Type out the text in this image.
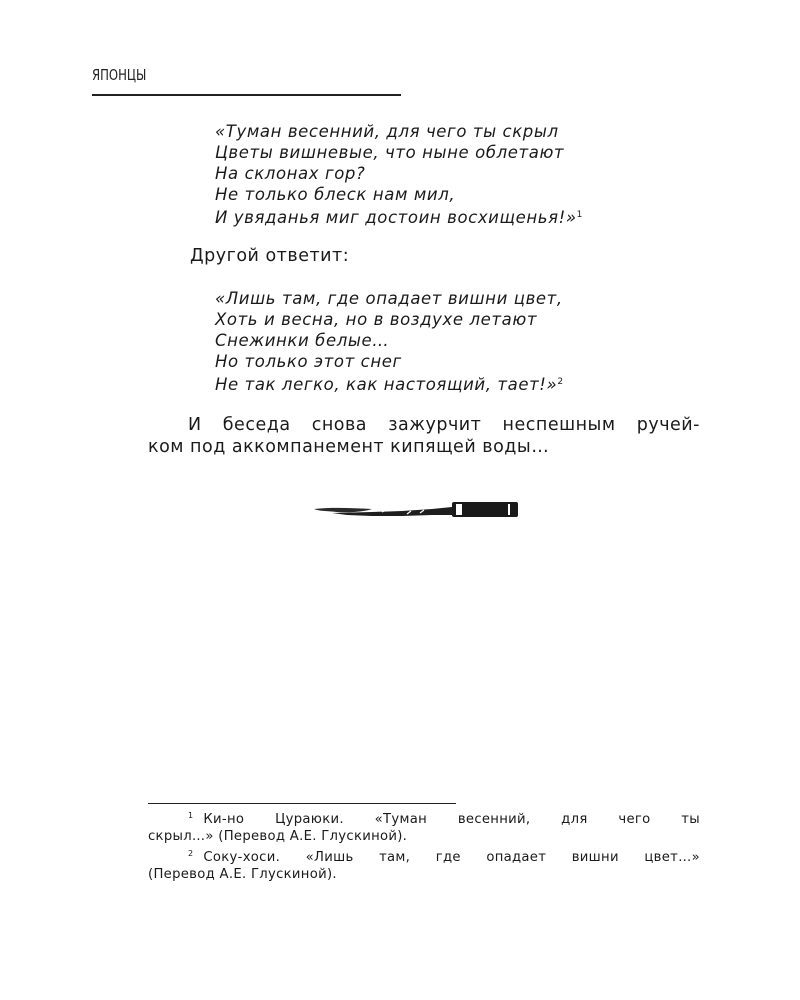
ЯПОНЦЫ
«Туман весенний, для чего ты скрыл
Цветы вишневые, что ныне облетают
На склонах гор?
Не только блеск нам мил,
И увяданья миг достоин восхищенья!»$^1$
Другой ответит:
«Лишь там, где опадает вишни цвет,
Хоть и весна, но в воздухе летают
Снежинки белые…
Но только этот снег
Не так легко, как настоящий, тает!»$^2$
И беседа снова зажурчит неспешным ручей-
ком под аккомпанемент кипящей воды…
$^1$ Ки-но Цураюки. «Туман весенний, для чего ты
скрыл…» (Перевод А.Е. Глускиной).
$^2$ Соку-хоси. «Лишь там, где опадает вишни цвет…»
(Перевод А.Е. Глускиной).
